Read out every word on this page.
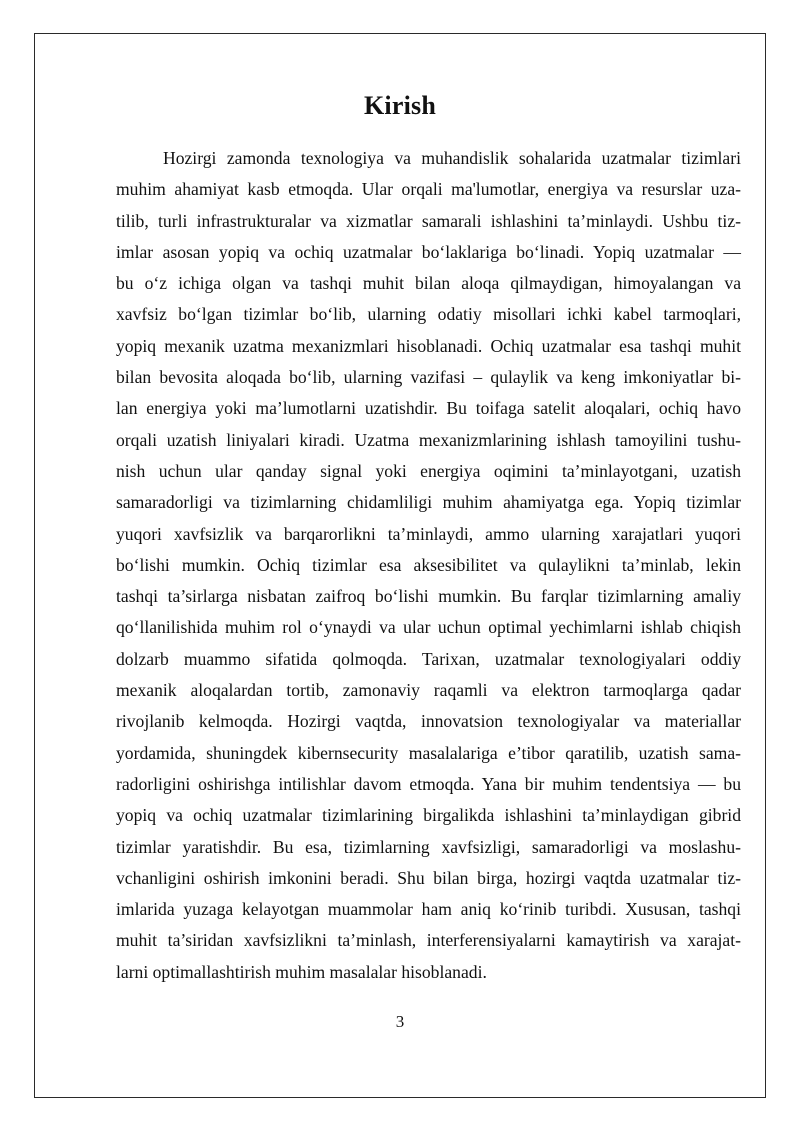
Kirish
Hozirgi zamonda texnologiya va muhandislik sohalarida uzatmalar tizimlari
muhim ahamiyat kasb etmoqda. Ular orqali ma'lumotlar, energiya va resurslar uza-
tilib, turli infrastrukturalar va xizmatlar samarali ishlashini ta’minlaydi. Ushbu tiz-
imlar asosan yopiq va ochiq uzatmalar bo‘laklariga bo‘linadi. Yopiq uzatmalar —
bu o‘z ichiga olgan va tashqi muhit bilan aloqa qilmaydigan, himoyalangan va
xavfsiz bo‘lgan tizimlar bo‘lib, ularning odatiy misollari ichki kabel tarmoqlari,
yopiq mexanik uzatma mexanizmlari hisoblanadi. Ochiq uzatmalar esa tashqi muhit
bilan bevosita aloqada bo‘lib, ularning vazifasi – qulaylik va keng imkoniyatlar bi-
lan energiya yoki ma’lumotlarni uzatishdir. Bu toifaga satelit aloqalari, ochiq havo
orqali uzatish liniyalari kiradi. Uzatma mexanizmlarining ishlash tamoyilini tushu-
nish uchun ular qanday signal yoki energiya oqimini ta’minlayotgani, uzatish
samaradorligi va tizimlarning chidamliligi muhim ahamiyatga ega. Yopiq tizimlar
yuqori xavfsizlik va barqarorlikni ta’minlaydi, ammo ularning xarajatlari yuqori
bo‘lishi mumkin. Ochiq tizimlar esa aksesibilitet va qulaylikni ta’minlab, lekin
tashqi ta’sirlarga nisbatan zaifroq bo‘lishi mumkin. Bu farqlar tizimlarning amaliy
qo‘llanilishida muhim rol o‘ynaydi va ular uchun optimal yechimlarni ishlab chiqish
dolzarb muammo sifatida qolmoqda. Tarixan, uzatmalar texnologiyalari oddiy
mexanik aloqalardan tortib, zamonaviy raqamli va elektron tarmoqlarga qadar
rivojlanib kelmoqda. Hozirgi vaqtda, innovatsion texnologiyalar va materiallar
yordamida, shuningdek kibernsecurity masalalariga e’tibor qaratilib, uzatish sama-
radorligini oshirishga intilishlar davom etmoqda. Yana bir muhim tendentsiya — bu
yopiq va ochiq uzatmalar tizimlarining birgalikda ishlashini ta’minlaydigan gibrid
tizimlar yaratishdir. Bu esa, tizimlarning xavfsizligi, samaradorligi va moslashu-
vchanligini oshirish imkonini beradi. Shu bilan birga, hozirgi vaqtda uzatmalar tiz-
imlarida yuzaga kelayotgan muammolar ham aniq ko‘rinib turibdi. Xususan, tashqi
muhit ta’siridan xavfsizlikni ta’minlash, interferensiyalarni kamaytirish va xarajat-
larni optimallashtirish muhim masalalar hisoblanadi.
3
